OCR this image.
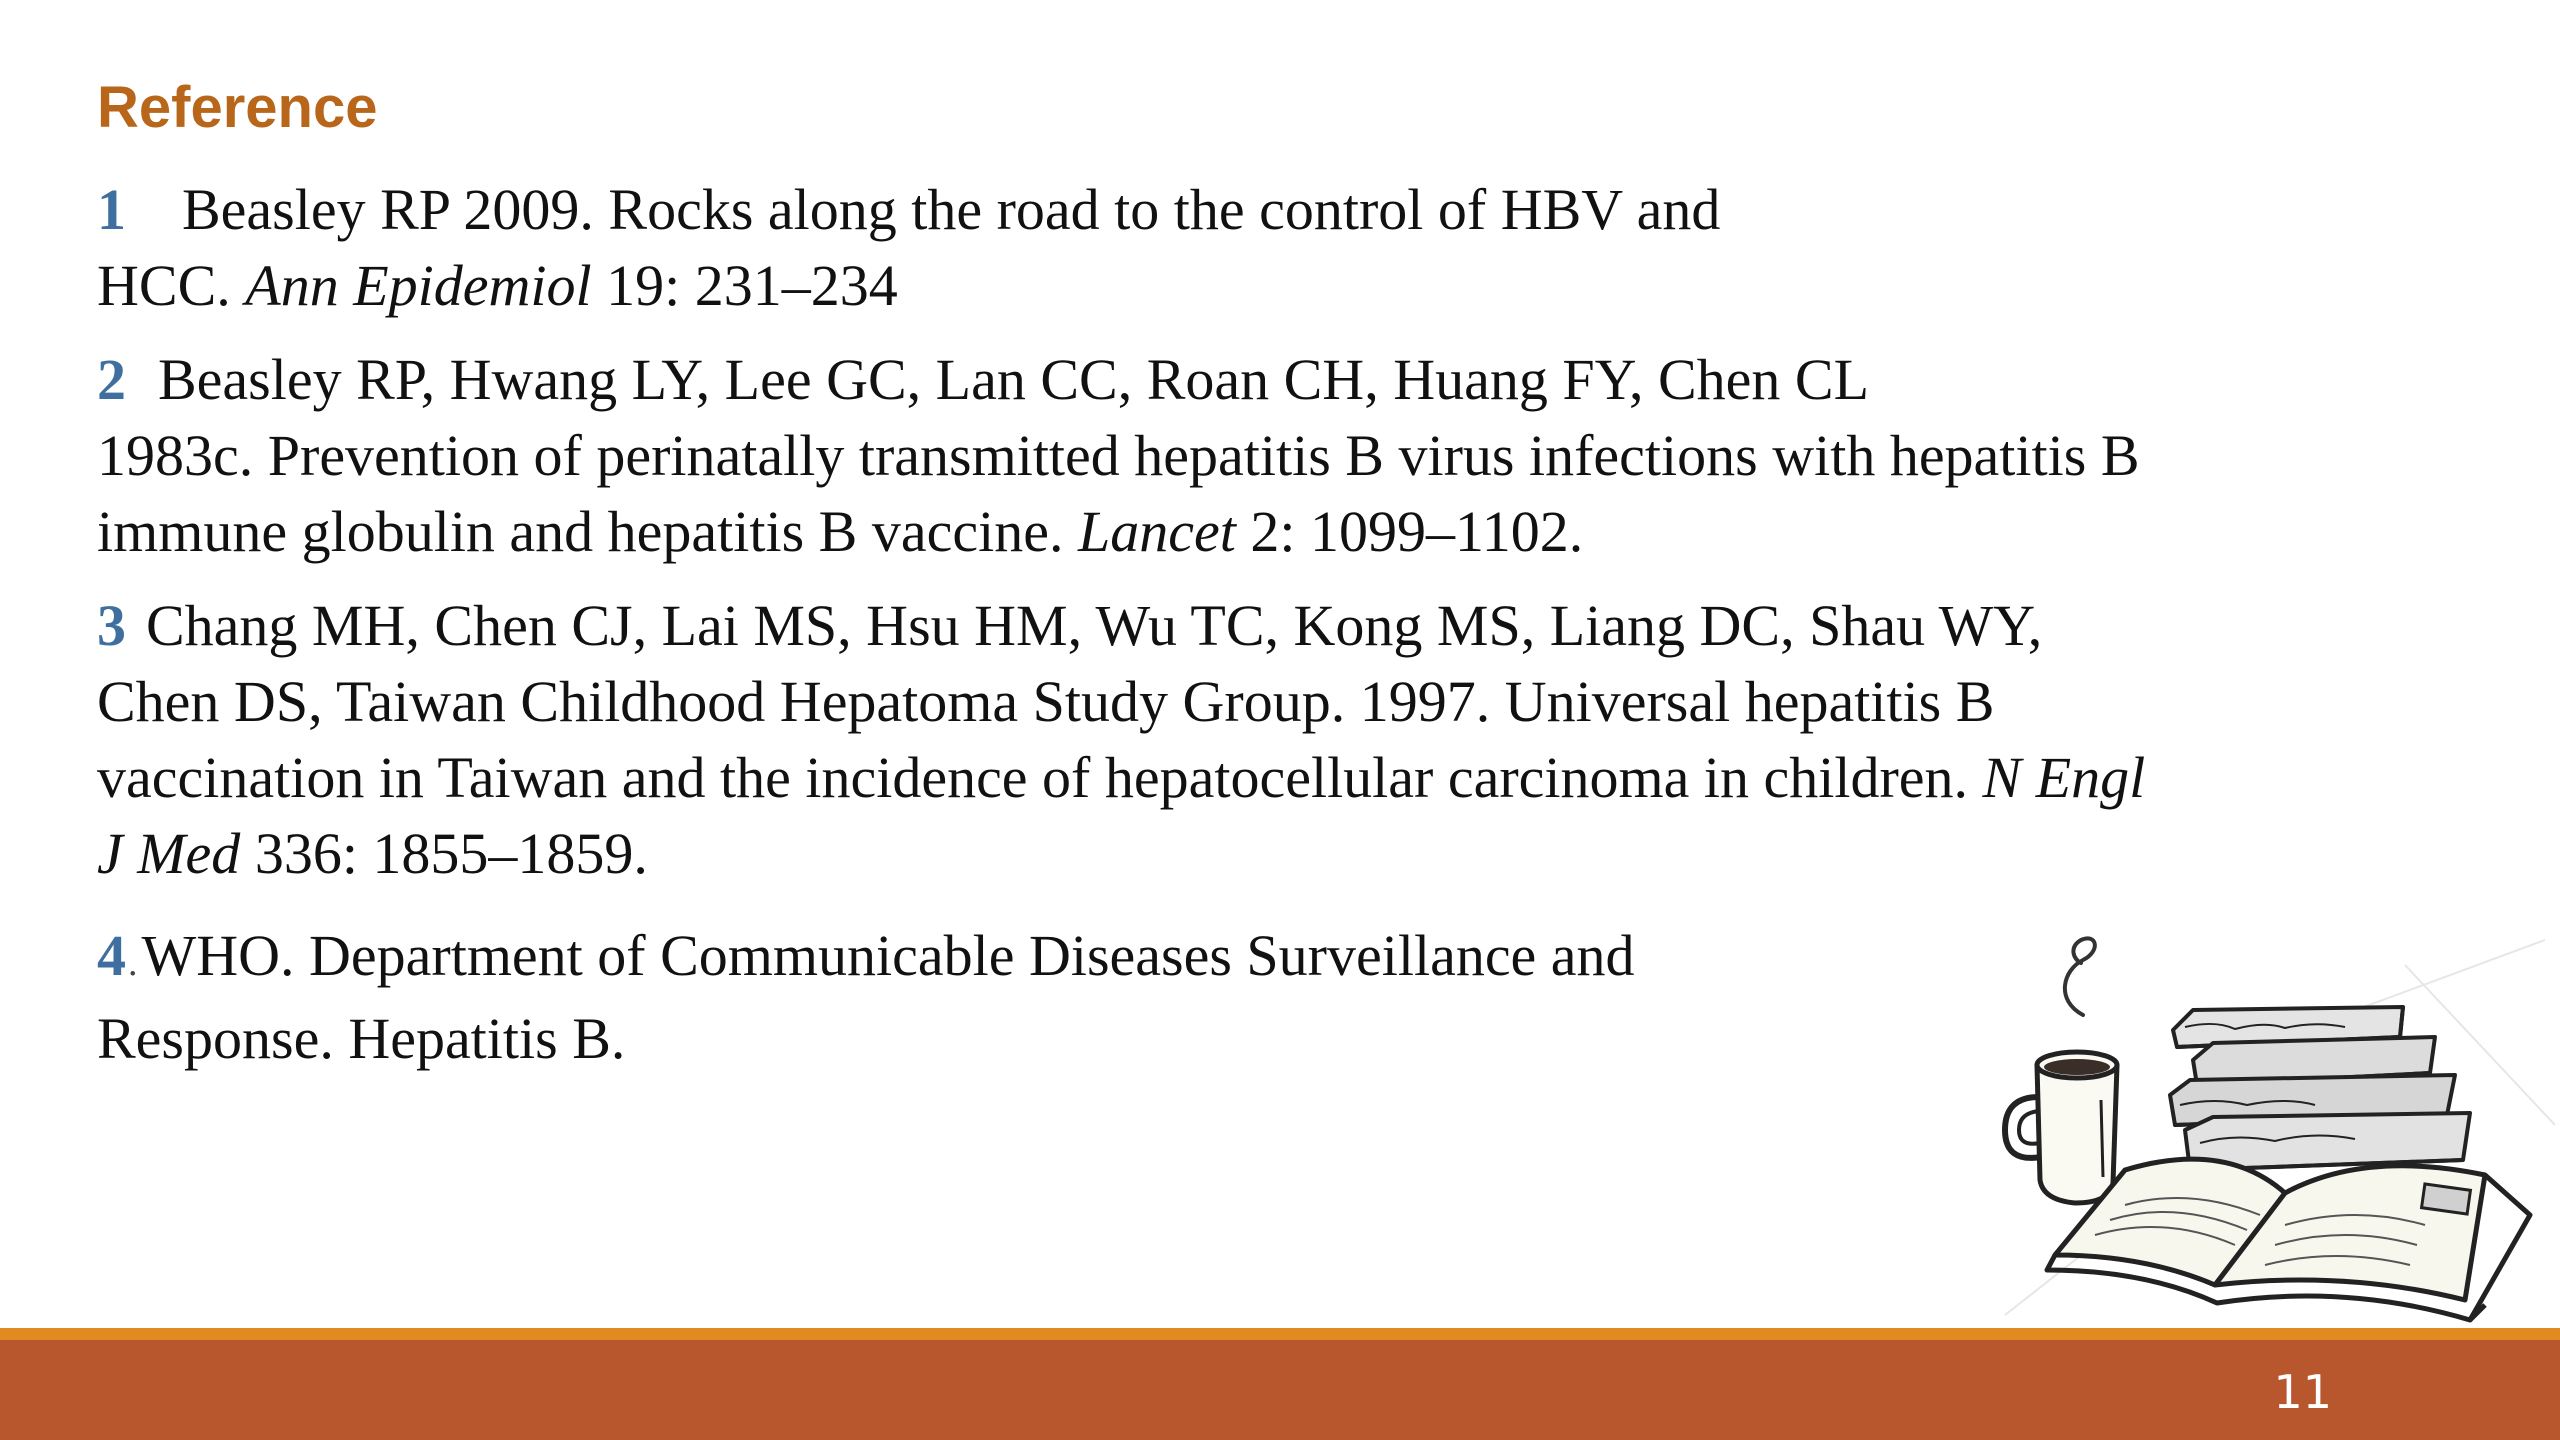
Reference
1 Beasley RP 2009. Rocks along the road to the control of HBV and
HCC. Ann Epidemiol 19: 231–234
2 Beasley RP, Hwang LY, Lee GC, Lan CC, Roan CH, Huang FY, Chen CL
1983c. Prevention of perinatally transmitted hepatitis B virus infections with hepatitis B
immune globulin and hepatitis B vaccine. Lancet 2: 1099–1102.
3 Chang MH, Chen CJ, Lai MS, Hsu HM, Wu TC, Kong MS, Liang DC, Shau WY,
Chen DS, Taiwan Childhood Hepatoma Study Group. 1997. Universal hepatitis B
vaccination in Taiwan and the incidence of hepatocellular carcinoma in children. N Engl
J Med 336: 1855–1859.
4.WHO. Department of Communicable Diseases Surveillance and
Response. Hepatitis B.
11
